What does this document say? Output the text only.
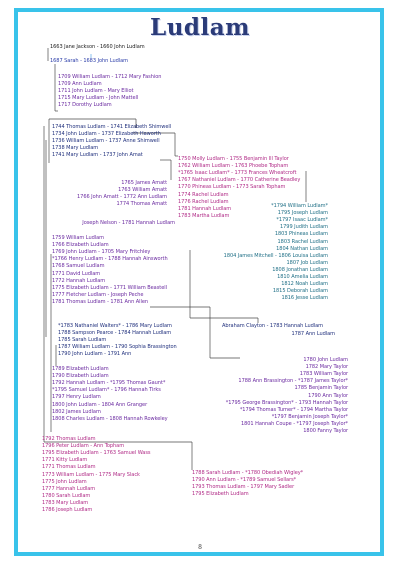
Ludlam
1663 Jane Jackson - 1660 John Ludlam
1687 Sarah - 1683 John Ludlam
1709 William Ludlam - 1712 Mary Fashion
1709 Ann Ludlam
1711 John Ludlam - Mary Elliot
1715 Mary Ludlam - John Mattell
1717 Dorothy Ludlam
1744 Thomas Ludlam - 1741 Elizabeth Shimwell
1734 John Ludlam - 1737 Elizabeth Haworth
1736 William Ludlam - 1737 Anne Shimwell
1738 Mary Ludlam
1741 Mary Ludlam - 1737 John Amat
1750 Molly Ludlam - 1755 Benjamin Ill Taylor
1762 William Ludlam - 1763 Phoebe Topham
*1765 Isaac Ludlam* - 1773 Frances Wheatcroft
1767 Nathaniel Ludlam - 1770 Catherine Beadley
1770 Phineas Ludlam - 1773 Sarah Topham
1774 Rachel Ludlam
1776 Rachel Ludlam
1781 Hannah Ludlam
1783 Martha Ludlam
1765 James Amatt
1763 William Amatt
1766 John Amatt - 1772 Ann Ludlam
1774 Thomas Amatt
Joseph Nelson - 1781 Hannah Ludlam
*1794 William Ludlam*
1795 Joseph Ludlam
*1797 Isaac Ludlam*
1799 Judith Ludlam
1803 Phineas Ludlam
1803 Rachel Ludlam
1804 Nathan Ludlam
1804 James Mitchell - 1806 Louisa Ludlam
1807 Job Ludlam
1808 Jonathan Ludlam
1810 Amelia Ludlam
1812 Noah Ludlam
1815 Deborah Ludlam
1816 Jesse Ludlam
1759 William Ludlam
1766 Elizabeth Ludlam
1769 John Ludlam - 1705 Mary Fritchley
*1766 Henry Ludlam - 1788 Hannah Ainsworth
1768 Samuel Ludlam
1771 David Ludlam
1772 Hannah Ludlam
1775 Elizabeth Ludlam - 1771 William Beastell
1777 Fletcher Ludlam - Joseph Peche
1781 Thomas Ludlam - 1781 Ann Allen
*1783 Nathaniel Walters* - 1786 Mary Ludlam
1788 Sampson Pearce - 1784 Hannah Ludlam
1785 Sarah Ludlam
1787 William Ludlam - 1790 Sophia Brassington
1790 John Ludlam - 1791 Ann
Abraham Clayton - 1783 Hannah Ludlam
1787 Ann Ludlam
1789 Elizabeth Ludlam
1790 Elizabeth Ludlam
1792 Hannah Ludlam - *1795 Thomas Gaunt*
*1795 Samuel Ludlam* - 1796 Hannah Tirks
1797 Henry Ludlam
1800 John Ludlam - 1804 Ann Granger
1802 James Ludlam
1808 Charles Ludlam - 1808 Hannah Rowkeley
1780 John Ludlam
1782 Mary Taylor
1783 William Taylor
1788 Ann Brassington - *1787 James Taylor*
1785 Benjamin Taylor
1790 Ann Taylor
*1795 George Brassington* - 1793 Hannah Taylor
*1794 Thomas Turner* - 1794 Martha Taylor
*1797 Benjamin Joseph Taylor*
1801 Hannah Coupe - *1797 Joseph Taylor*
1800 Fanny Taylor
1792 Thomas Ludlam
1796 Peter Ludlam - Ann Topham
1795 Elizabeth Ludlam - 1763 Samuel Wass
1771 Kitty Ludlam
1771 Thomas Ludlam
1773 William Ludlam - 1775 Mary Slack
1775 John Ludlam
1777 Hannah Ludlam
1780 Sarah Ludlam
1783 Mary Ludlam
1786 Joseph Ludlam
1788 Sarah Ludlam - *1780 Obediah Wigley*
1790 Ann Ludlam - *1789 Samuel Sellars*
1793 Thomas Ludlam - 1797 Mary Sadler
1795 Elizabeth Ludlam
8
